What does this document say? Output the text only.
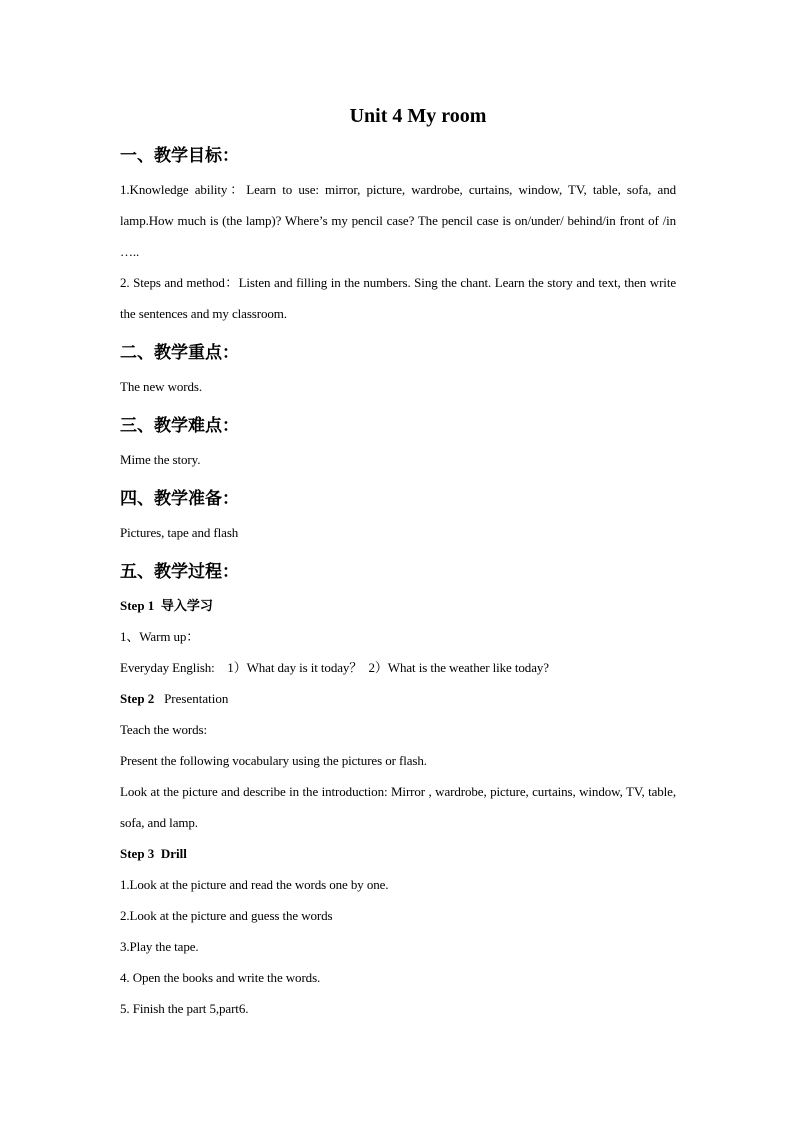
Unit 4 My room
一、教学目标：

1.Knowledge ability：Learn to use: mirror, picture, wardrobe, curtains, window, TV, table, sofa, and lamp.How much is (the lamp)? Where’s my pencil case? The pencil case is on/under/ behind/in front of /in …..

2. Steps and method：Listen and filling in the numbers. Sing the chant. Learn the story and text, then write the sentences and my classroom.

二、教学重点：

The new words.

三、教学难点：

Mime the story.

四、教学准备：

Pictures, tape and flash

五、教学过程：

Step 1 导入学习

1、Warm up：

Everyday English:    1）What day is it today？  2）What is the weather like today?

Step 2 Presentation

Teach the words:

Present the following vocabulary using the pictures or flash.

Look at the picture and describe in the introduction: Mirror , wardrobe, picture, curtains, window, TV, table, sofa, and lamp.

Step 3 Drill

1.Look at the picture and read the words one by one.

2.Look at the picture and guess the words

3.Play the tape.

4. Open the books and write the words.

5. Finish the part 5,part6.
